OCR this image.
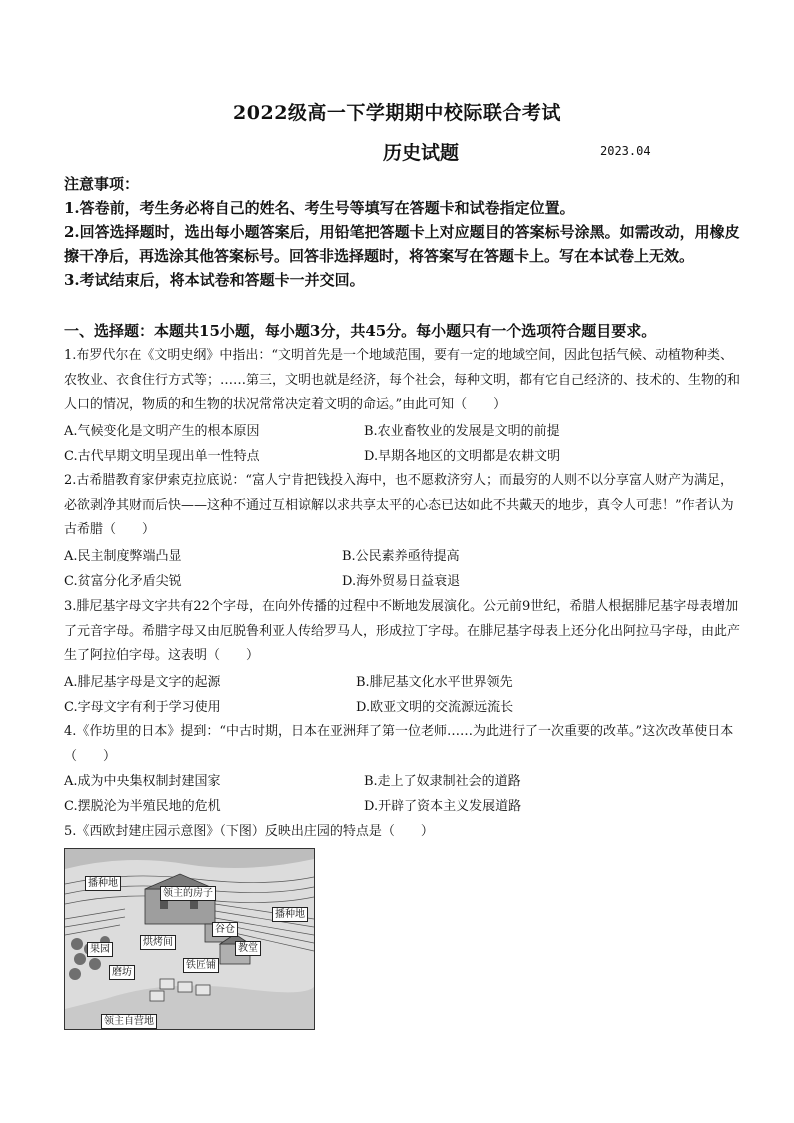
2022级高一下学期期中校际联合考试
历史试题	2023.04

注意事项：

1.答卷前，考生务必将自己的姓名、考生号等填写在答题卡和试卷指定位置。

2.回答选择题时，选出每小题答案后，用铅笔把答题卡上对应题目的答案标号涂黑。如需改动，用橡皮擦干净后，再选涂其他答案标号。回答非选择题时，将答案写在答题卡上。写在本试卷上无效。

3.考试结束后，将本试卷和答题卡一并交回。

一、选择题：本题共15小题，每小题3分，共45分。每小题只有一个选项符合题目要求。

1.布罗代尔在《文明史纲》中指出：“文明首先是一个地域范围，要有一定的地域空间，因此包括气候、动植物种类、农牧业、衣食住行方式等；……第三，文明也就是经济，每个社会，每种文明，都有它自己经济的、技术的、生物的和人口的情况，物质的和生物的状况常常决定着文明的命运。”由此可知（　　）

A.气候变化是文明产生的根本原因	B.农业畜牧业的发展是文明的前提
C.古代早期文明呈现出单一性特点	D.早期各地区的文明都是农耕文明

2.古希腊教育家伊索克拉底说：“富人宁肯把钱投入海中，也不愿救济穷人；而最穷的人则不以分享富人财产为满足，必欲剥净其财而后快——这种不通过互相谅解以求共享太平的心态已达如此不共戴天的地步，真令人可悲！”作者认为古希腊（　　）

A.民主制度弊端凸显	B.公民素养亟待提高
C.贫富分化矛盾尖锐	D.海外贸易日益衰退

3.腓尼基字母文字共有22个字母，在向外传播的过程中不断地发展演化。公元前9世纪，希腊人根据腓尼基字母表增加了元音字母。希腊字母又由厄脱鲁利亚人传给罗马人，形成拉丁字母。在腓尼基字母表上还分化出阿拉马字母，由此产生了阿拉伯字母。这表明（　　）

A.腓尼基字母是文字的起源	B.腓尼基文化水平世界领先
C.字母文字有利于学习使用	D.欧亚文明的交流源远流长

4.《作坊里的日本》提到：“中古时期，日本在亚洲拜了第一位老师……为此进行了一次重要的改革。”这次改革使日本（　　）

A.成为中央集权制封建国家	B.走上了奴隶制社会的道路
C.摆脱沦为半殖民地的危机	D.开辟了资本主义发展道路

5.《西欧封建庄园示意图》（下图）反映出庄园的特点是（　　）

播种地
领主的房子
播种地
谷仓
果园
烘烤间
教堂
磨坊
铁匠铺
领主自营地
